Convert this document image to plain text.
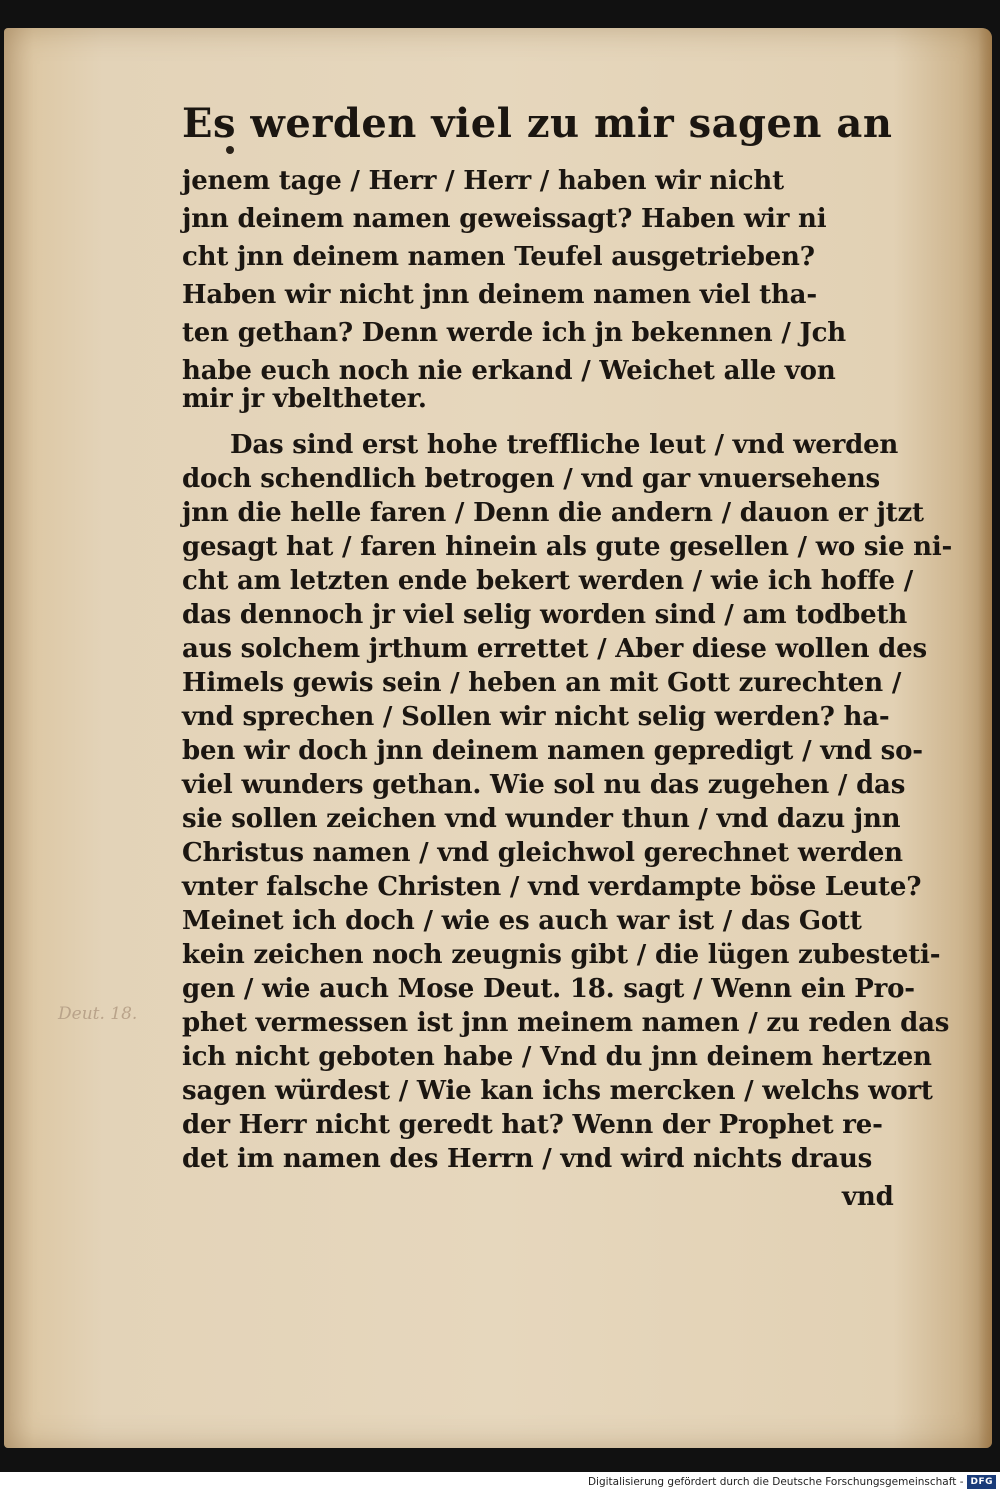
Es werden viel zu mir sagen an
jenem tage / Herr / Herr / haben wir nicht
jnn deinem namen geweissagt? Haben wir ni
cht jnn deinem namen Teufel ausgetrieben?
Haben wir nicht jnn deinem namen viel tha-
ten gethan? Denn werde ich jn bekennen / Jch
habe euch noch nie erkand / Weichet alle von
mir jr vbeltheter.
Das sind erst hohe treffliche leut / vnd werden
doch schendlich betrogen / vnd gar vnuersehens
jnn die helle faren / Denn die andern / dauon er jtzt
gesagt hat / faren hinein als gute gesellen / wo sie ni-
cht am letzten ende bekert werden / wie ich hoffe /
das dennoch jr viel selig worden sind / am todbeth
aus solchem jrthum errettet / Aber diese wollen des
Himels gewis sein / heben an mit Gott zurechten /
vnd sprechen / Sollen wir nicht selig werden? ha-
ben wir doch jnn deinem namen gepredigt / vnd so-
viel wunders gethan. Wie sol nu das zugehen / das
sie sollen zeichen vnd wunder thun / vnd dazu jnn
Christus namen / vnd gleichwol gerechnet werden
vnter falsche Christen / vnd verdampte böse Leute?
Meinet ich doch / wie es auch war ist / das Gott
kein zeichen noch zeugnis gibt / die lügen zubesteti-
gen / wie auch Mose Deut. 18. sagt / Wenn ein Pro-
phet vermessen ist jnn meinem namen / zu reden das
ich nicht geboten habe / Vnd du jnn deinem hertzen
sagen würdest / Wie kan ichs mercken / welchs wort
der Herr nicht geredt hat? Wenn der Prophet re-
det im namen des Herrn / vnd wird nichts draus
vnd
Deut. 18.
Digitalisierung gefördert durch die Deutsche Forschungsgemeinschaft - DFG
